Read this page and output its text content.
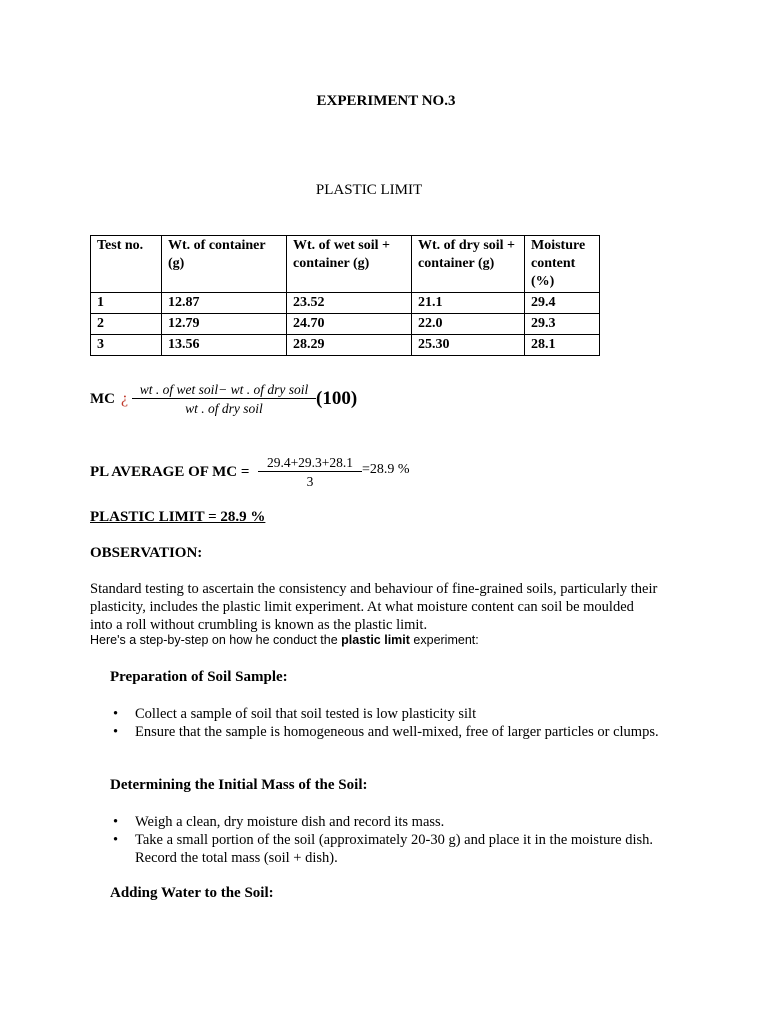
EXPERIMENT NO.3
PLASTIC LIMIT
Test no.	Wt. of container (g)	Wt. of wet soil + container (g)	Wt. of dry soil + container (g)	Moisture content (%)
1	12.87	23.52	21.1	29.4
2	12.79	24.70	22.0	29.3
3	13.56	28.29	25.30	28.1
MC ¿
wt . of wet soil− wt . of dry soil
wt . of dry soil	(100)
PL AVERAGE OF MC = $\frac{29.4+29.3+28.1}{3} =28.9$ %
PLASTIC LIMIT = 28.9 %
OBSERVATION:
Standard testing to ascertain the consistency and behaviour of fine-grained soils, particularly their plasticity, includes the plastic limit experiment. At what moisture content can soil be moulded into a roll without crumbling is known as the plastic limit.
Here's a step-by-step on how he conduct the plastic limit experiment:
Preparation of Soil Sample:
• Collect a sample of soil that soil tested is low plasticity silt
• Ensure that the sample is homogeneous and well-mixed, free of larger particles or clumps.
Determining the Initial Mass of the Soil:
• Weigh a clean, dry moisture dish and record its mass.
• Take a small portion of the soil (approximately 20-30 g) and place it in the moisture dish. Record the total mass (soil + dish).
Adding Water to the Soil:
